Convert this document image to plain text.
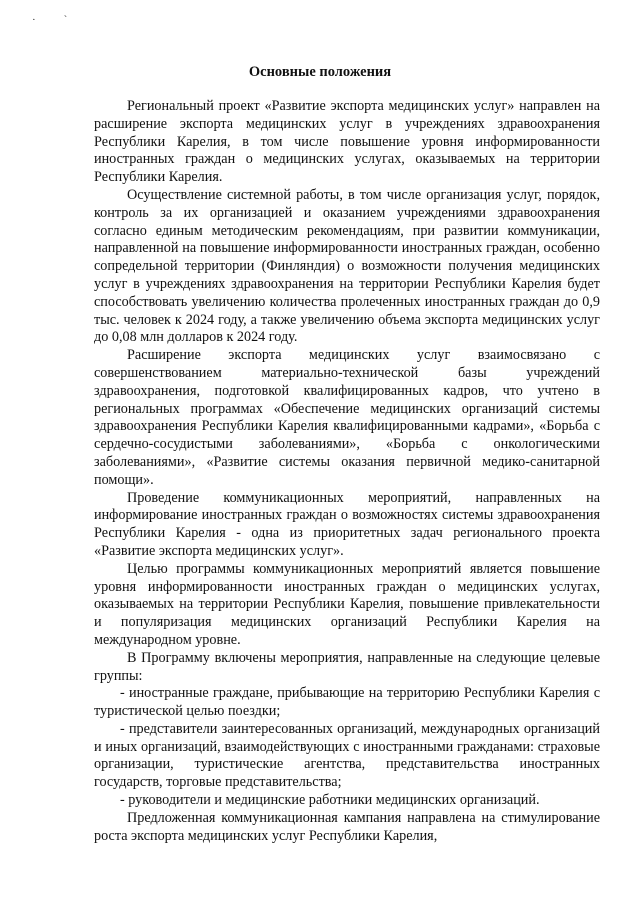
·`
Основные положения

Региональный проект «Развитие экспорта медицинских услуг» направлен на расширение экспорта медицинских услуг в учреждениях здравоохранения Республики Карелия, в том числе повышение уровня информированности иностранных граждан о медицинских услугах, оказываемых на территории Республики Карелия.

Осуществление системной работы, в том числе организация услуг, порядок, контроль за их организацией и оказанием учреждениями здравоохранения согласно единым методическим рекомендациям, при развитии коммуникации, направленной на повышение информированности иностранных граждан, особенно сопредельной территории (Финляндия) о возможности получения медицинских услуг в учреждениях здравоохранения на территории Республики Карелия будет способствовать увеличению количества пролеченных иностранных граждан до 0,9 тыс. человек к 2024 году, а также увеличению объема экспорта медицинских услуг до 0,08 млн долларов к 2024 году.

Расширение экспорта медицинских услуг взаимосвязано с совершенствованием материально-технической базы учреждений здравоохранения, подготовкой квалифицированных кадров, что учтено в региональных программах «Обеспечение медицинских организаций системы здравоохранения Республики Карелия квалифицированными кадрами», «Борьба с сердечно-сосудистыми заболеваниями», «Борьба с онкологическими заболеваниями», «Развитие системы оказания первичной медико-санитарной помощи».

Проведение коммуникационных мероприятий, направленных на информирование иностранных граждан о возможностях системы здравоохранения Республики Карелия - одна из приоритетных задач регионального проекта «Развитие экспорта медицинских услуг».

Целью программы коммуникационных мероприятий является повышение уровня информированности иностранных граждан о медицинских услугах, оказываемых на территории Республики Карелия, повышение привлекательности и популяризация медицинских организаций Республики Карелия на международном уровне.

В Программу включены мероприятия, направленные на следующие целевые группы:

- иностранные граждане, прибывающие на территорию Республики Карелия с туристической целью поездки;

- представители заинтересованных организаций, международных организаций и иных организаций, взаимодействующих с иностранными гражданами: страховые организации, туристические агентства, представительства иностранных государств, торговые представительства;

- руководители и медицинские работники медицинских организаций.

Предложенная коммуникационная кампания направлена на стимулирование роста экспорта медицинских услуг Республики Карелия,
